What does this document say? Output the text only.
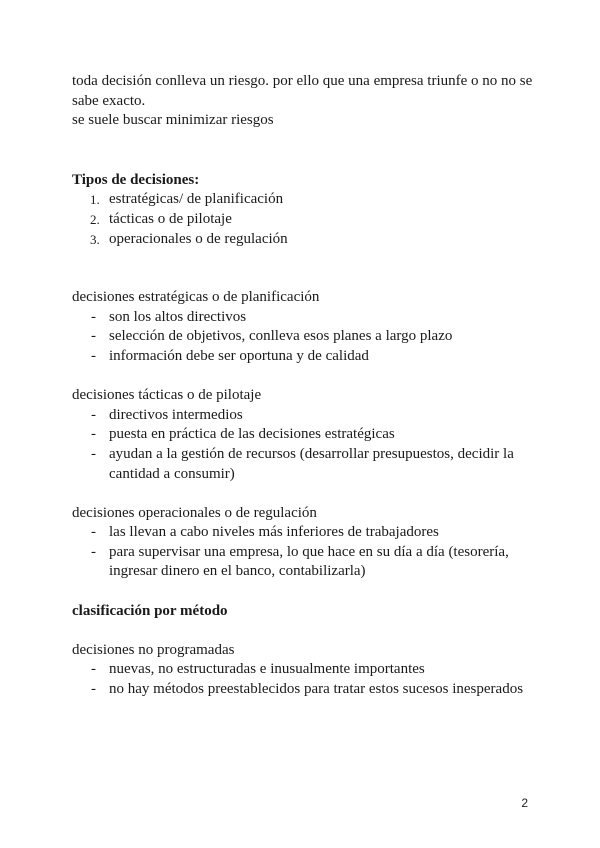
toda decisión conlleva un riesgo. por ello que una empresa triunfe o no no se sabe exacto.

se suele buscar minimizar riesgos

Tipos de decisiones:

1. estratégicas/ de planificación
2. tácticas o de pilotaje
3. operacionales o de regulación

decisiones estratégicas o de planificación

- son los altos directivos
- selección de objetivos, conlleva esos planes a largo plazo
- información debe ser oportuna y de calidad

decisiones tácticas o de pilotaje

- directivos intermedios
- puesta en práctica de las decisiones estratégicas
- ayudan a la gestión de recursos (desarrollar presupuestos, decidir la cantidad a consumir)

decisiones operacionales o de regulación

- las llevan a cabo niveles más inferiores de trabajadores
- para supervisar una empresa, lo que hace en su día a día (tesorería, ingresar dinero en el banco, contabilizarla)

clasificación por método

decisiones no programadas

- nuevas, no estructuradas e inusualmente importantes
- no hay métodos preestablecidos para tratar estos sucesos inesperados
2
